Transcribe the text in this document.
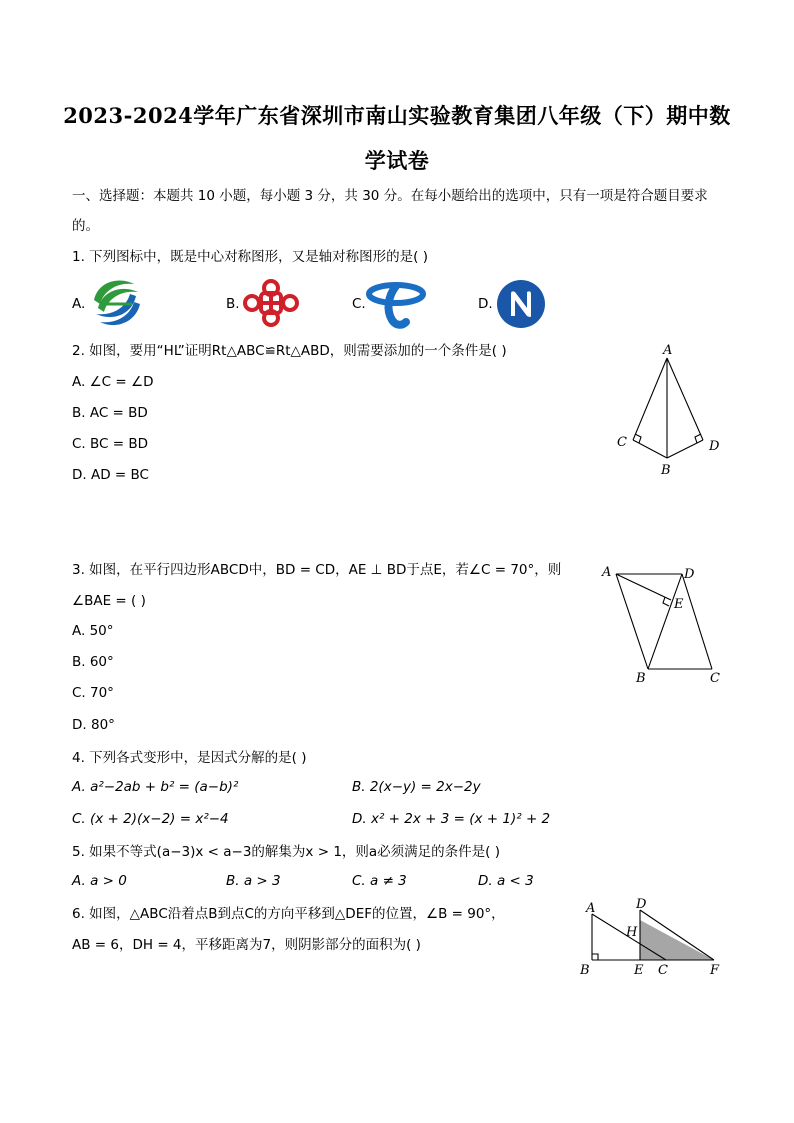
2023-2024学年广东省深圳市南山实验教育集团八年级（下）期中数
学试卷
一、选择题：本题共 10 小题，每小题 3 分，共 30 分。在每小题给出的选项中，只有一项是符合题目要求
的。
1. 下列图标中，既是中心对称图形，又是轴对称图形的是( )
A.	B.	C.	D.
2. 如图，要用“HL”证明Rt△ABC≌Rt△ABD，则需要添加的一个条件是( )
A. ∠C = ∠D
B. AC = BD
C. BC = BD
D. AD = BC
A
C	D
B
3. 如图，在平行四边形ABCD中，BD = CD，AE ⊥ BD于点E，若∠C = 70°，则
∠BAE = ( )
A. 50°
B. 60°
C. 70°
D. 80°
A	D
E
B	C
4. 下列各式变形中，是因式分解的是( )
A. a²−2ab + b² = (a−b)²	B. 2(x−y) = 2x−2y
C. (x + 2)(x−2) = x²−4	D. x² + 2x + 3 = (x + 1)² + 2
5. 如果不等式(a−3)x < a−3的解集为x > 1，则a必须满足的条件是( )
A. a > 0	B. a > 3	C. a ≠ 3	D. a < 3
6. 如图，△ABC沿着点B到点C的方向平移到△DEF的位置，∠B = 90°，
AB = 6，DH = 4，平移距离为7，则阴影部分的面积为( )
A	D
H
B	E C	F
